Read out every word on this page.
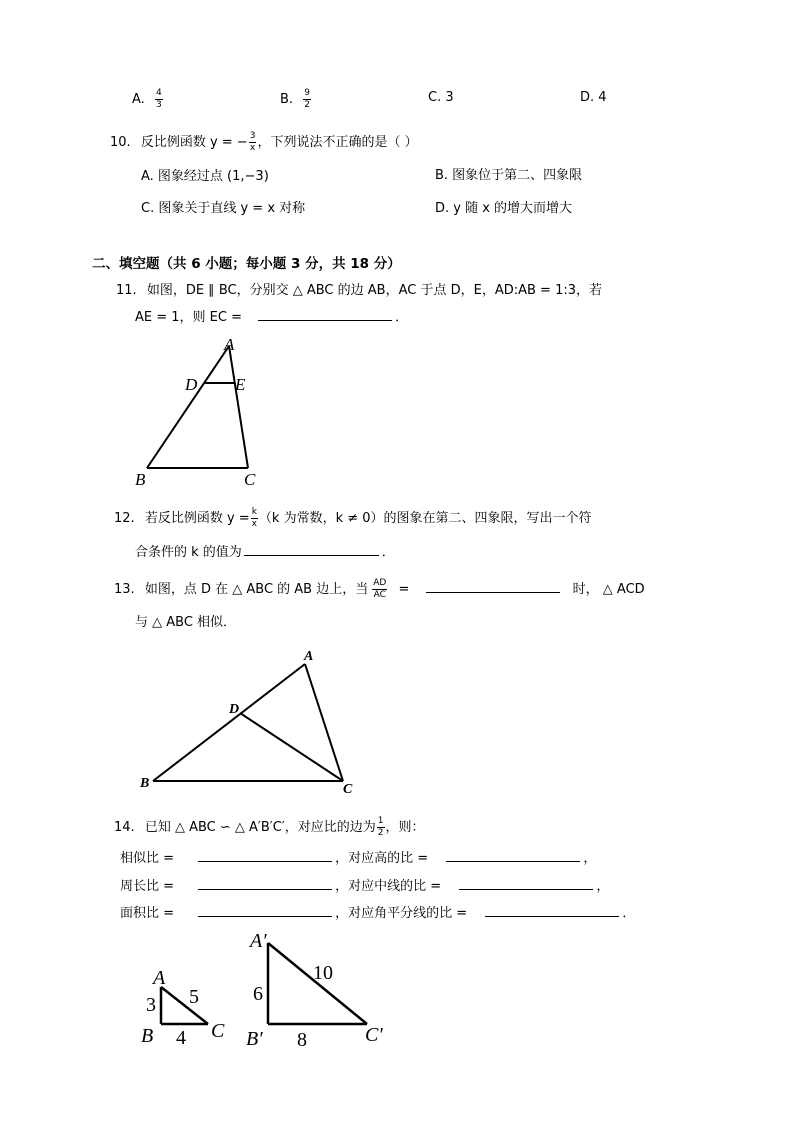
A. $\frac{4}{3}$	B. $\frac{9}{2}$	C. 3	D. 4
10. 反比例函数 y = − $\frac{3}{x}$ ，下列说法不正确的是（ ）
A. 图象经过点 (1,−3)	B. 图象位于第二、四象限
C. 图象关于直线 y = x 对称	D. y 随 x 的增大而增大
二、填空题（共 6 小题；每小题 3 分，共 18 分）
11. 如图，DE ∥ BC，分别交 △ ABC 的边 AB，AC 于点 D，E，AD:AB = 1:3，若
AE = 1，则 EC =	．
A
D E
B	C
12. 若反比例函数 $y = \frac{k}{x} (k$ 为常数，k ≠ 0）的图象在第二、四象限，写出一个符
合条件的 k 的值为	．
13. 如图，点 D 在 △ ABC 的 AB 边上，当 $\frac{AD}{AC}$ =	时， △ ACD
与 △ ABC 相似．
A
D
B	C
14. 已知 △ ABC ∽ △ A′B′C′，对应比的边为 $\frac{1}{2}$ ，则：
相似比 =	，对应高的比 =	，
周长比 =	，对应中线的比 =	，
面积比 =	，对应角平分线的比 =	．
A
B	C
3 5
4
A′
B′	C′
6
10
8
